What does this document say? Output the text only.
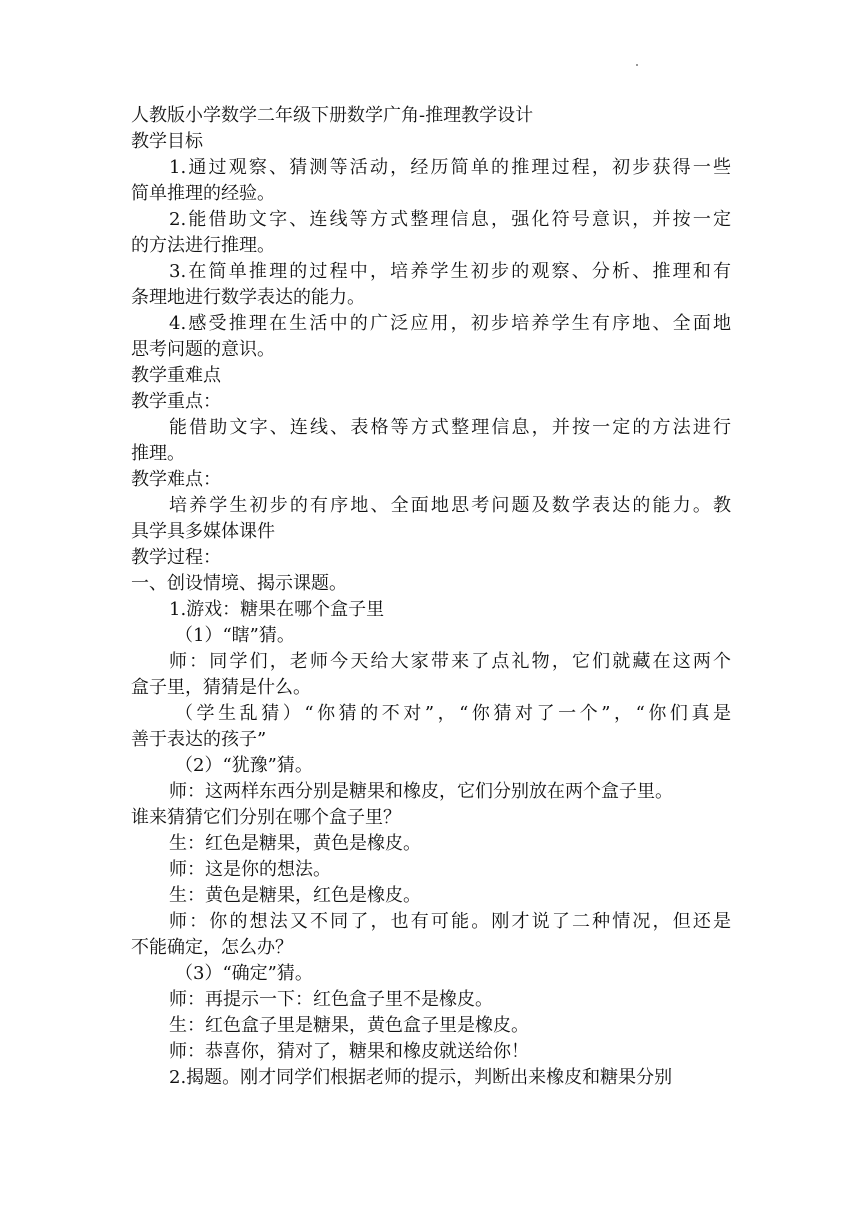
人教版小学数学二年级下册数学广角-推理教学设计
教学目标
1.通过观察、猜测等活动，经历简单的推理过程，初步获得一些
简单推理的经验。
2.能借助文字、连线等方式整理信息，强化符号意识，并按一定
的方法进行推理。
3.在简单推理的过程中，培养学生初步的观察、分析、推理和有
条理地进行数学表达的能力。
4.感受推理在生活中的广泛应用，初步培养学生有序地、全面地
思考问题的意识。
教学重难点
教学重点：
能借助文字、连线、表格等方式整理信息，并按一定的方法进行
推理。
教学难点：
培养学生初步的有序地、全面地思考问题及数学表达的能力。教
具学具多媒体课件
教学过程：
一、创设情境、揭示课题。
1.游戏：糖果在哪个盒子里
（1）“瞎”猜。
师：同学们，老师今天给大家带来了点礼物，它们就藏在这两个
盒子里，猜猜是什么。
（学生乱猜）“你猜的不对”，“你猜对了一个”，“你们真是
善于表达的孩子”
（2）“犹豫”猜。
师：这两样东西分别是糖果和橡皮，它们分别放在两个盒子里。
谁来猜猜它们分别在哪个盒子里？
生：红色是糖果，黄色是橡皮。
师：这是你的想法。
生：黄色是糖果，红色是橡皮。
师：你的想法又不同了，也有可能。刚才说了二种情况，但还是
不能确定，怎么办？
（3）“确定”猜。
师：再提示一下：红色盒子里不是橡皮。
生：红色盒子里是糖果，黄色盒子里是橡皮。
师：恭喜你，猜对了，糖果和橡皮就送给你！
2.揭题。刚才同学们根据老师的提示，判断出来橡皮和糖果分别
